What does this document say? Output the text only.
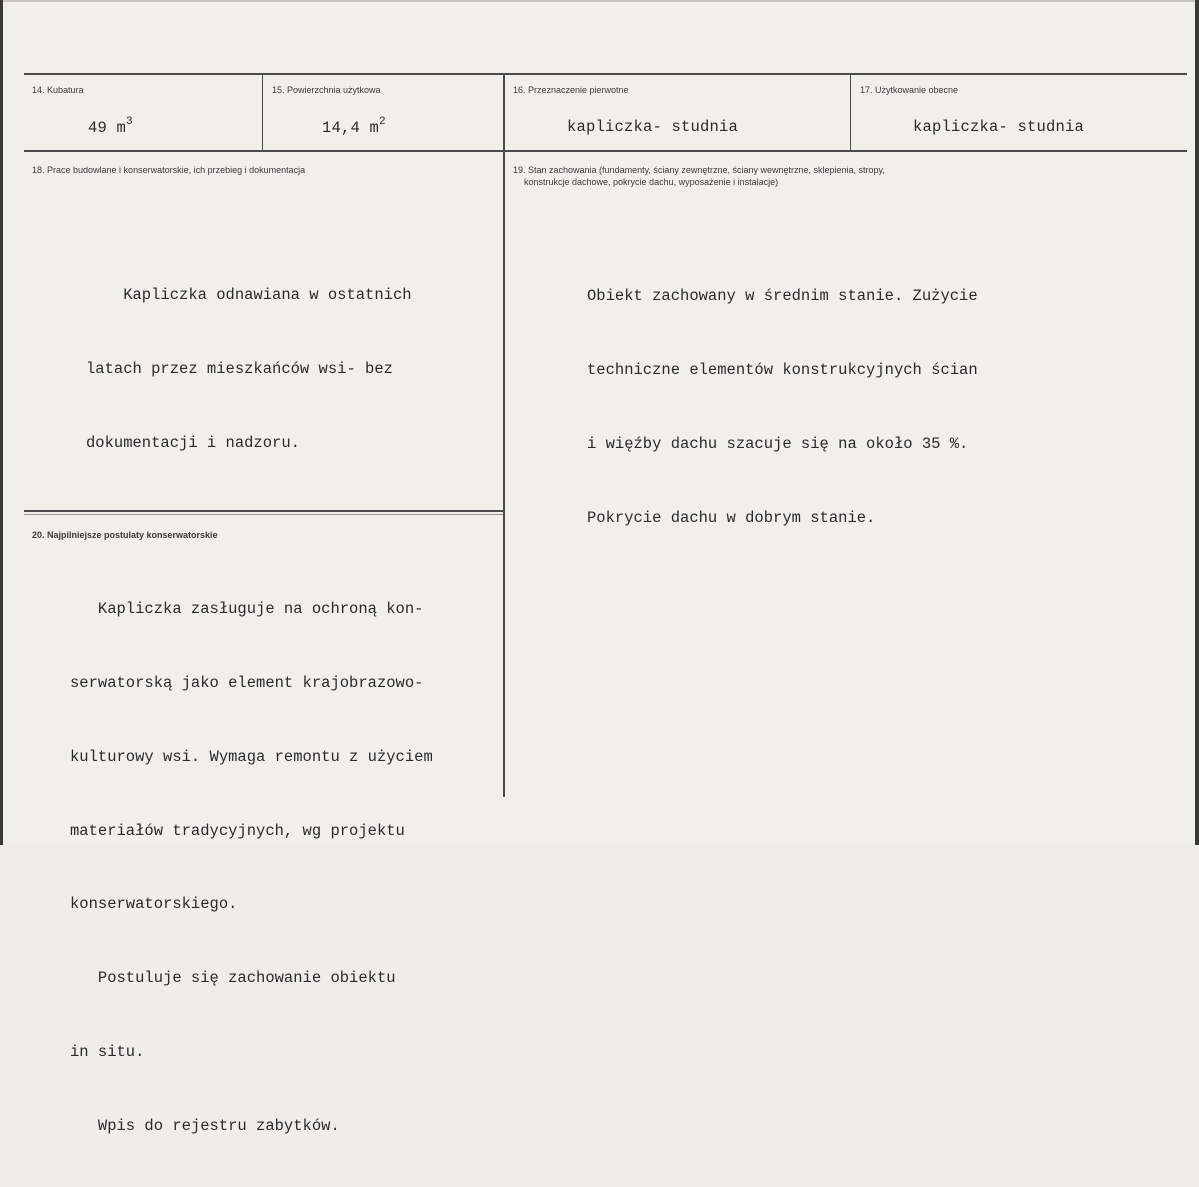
14. Kubatura
49 $m^3$
15. Powierzchnia użytkowa
14,4 $m^2$
16. Przeznaczenie pierwotne
kapliczka- studnia
17. Użytkowanie obecne
kapliczka- studnia
18. Prace budowlane i konserwatorskie, ich przebieg i dokumentacja

Kapliczka odnawiana w ostatnich

latach przez mieszkańców wsi- bez

dokumentacji i nadzoru.

19. Stan zachowania (fundamenty, ściany zewnętrzne, ściany wewnętrzne, sklepienia, stropy,
konstrukcje dachowe, pokrycie dachu, wyposażenie i instalacje)

Obiekt zachowany w średnim stanie. Zużycie

techniczne elementów konstrukcyjnych ścian

i więźby dachu szacuje się na około 35 %.

Pokrycie dachu w dobrym stanie.

20. Najpilniejsze postulaty konserwatorskie

Kapliczka zasługuje na ochroną kon-

serwatorską jako element krajobrazowo-

kulturowy wsi. Wymaga remontu z użyciem

materiałów tradycyjnych, wg projektu

konserwatorskiego.

Postuluje się zachowanie obiektu

in situ.

Wpis do rejestru zabytków.
